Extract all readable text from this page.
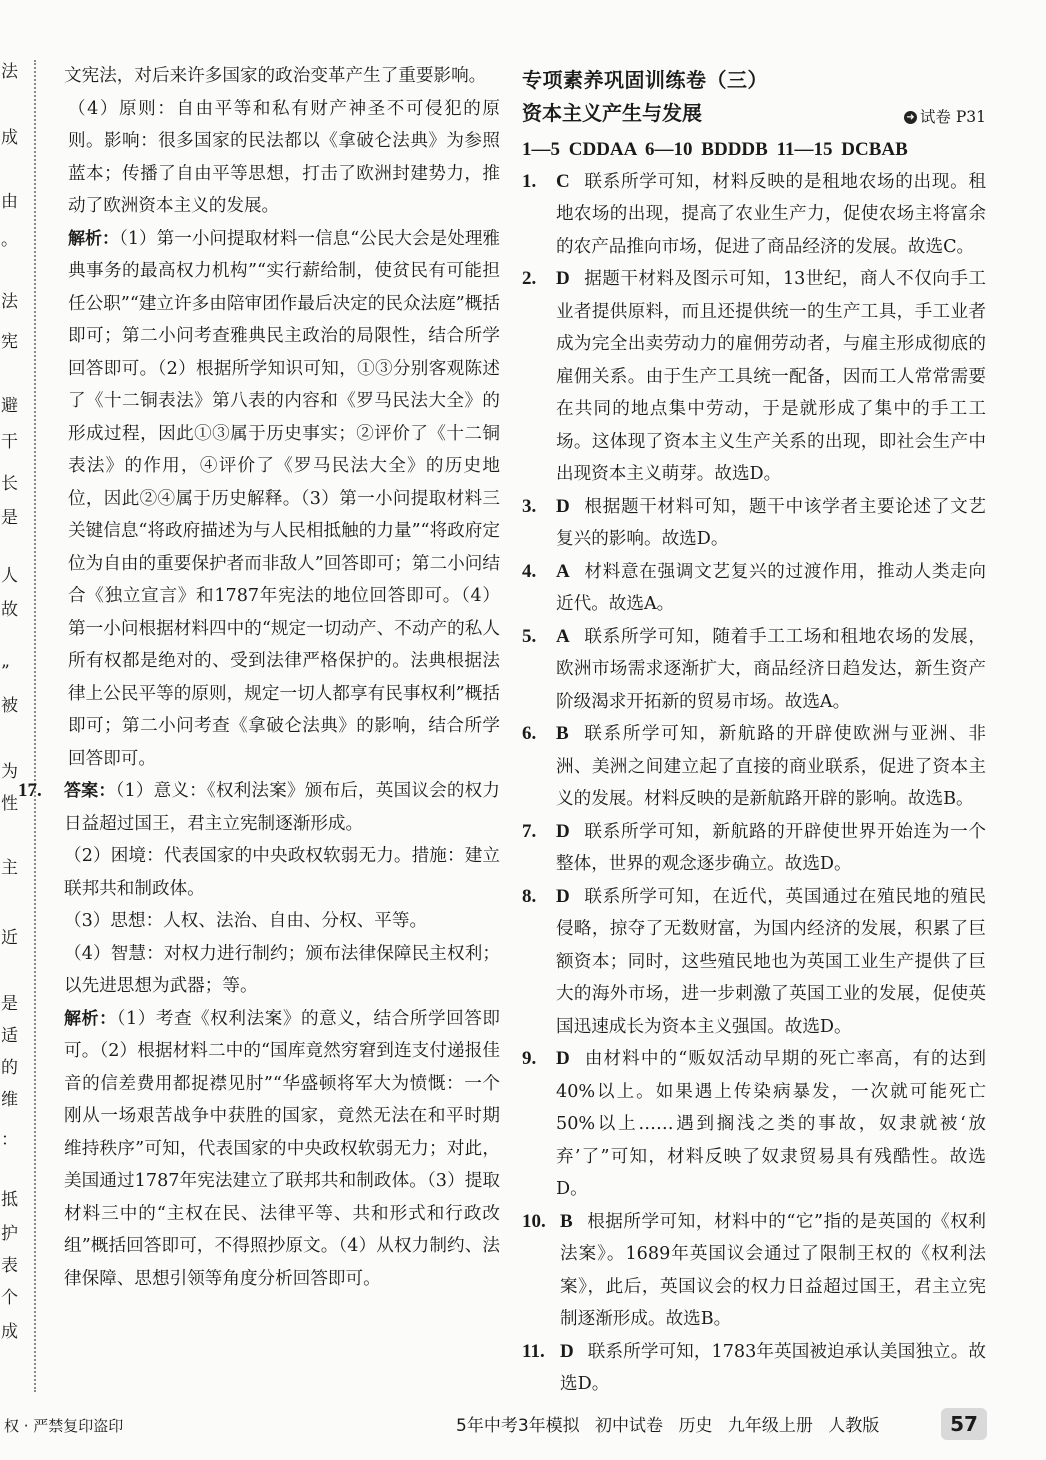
法
成
由
。
法
宪
避
干
长
是
人
故
”
被
为
性
主
近
是
适
的
维
：
抵
护
表
个
成

文宪法，对后来许多国家的政治变革产生了重要影响。

（4）原则：自由平等和私有财产神圣不可侵犯的原则。影响：很多国家的民法都以《拿破仑法典》为参照蓝本；传播了自由平等思想，打击了欧洲封建势力，推动了欧洲资本主义的发展。

解析：（1）第一小问提取材料一信息“公民大会是处理雅典事务的最高权力机构”“实行薪给制，使贫民有可能担任公职”“建立许多由陪审团作最后决定的民众法庭”概括即可；第二小问考查雅典民主政治的局限性，结合所学回答即可。（2）根据所学知识可知，①③分别客观陈述了《十二铜表法》第八表的内容和《罗马民法大全》的形成过程，因此①③属于历史事实；②评价了《十二铜表法》的作用，④评价了《罗马民法大全》的历史地位，因此②④属于历史解释。（3）第一小问提取材料三关键信息“将政府描述为与人民相抵触的力量”“将政府定位为自由的重要保护者而非敌人”回答即可；第二小问结合《独立宣言》和1787年宪法的地位回答即可。（4）第一小问根据材料四中的“规定一切动产、不动产的私人所有权都是绝对的、受到法律严格保护的。法典根据法律上公民平等的原则，规定一切人都享有民事权利”概括即可；第二小问考查《拿破仑法典》的影响，结合所学回答即可。

17.	答案：（1）意义：《权利法案》颁布后，英国议会的权力日益超过国王，君主立宪制逐渐形成。

（2）困境：代表国家的中央政权软弱无力。措施：建立联邦共和制政体。

（3）思想：人权、法治、自由、分权、平等。

（4）智慧：对权力进行制约；颁布法律保障民主权利；以先进思想为武器；等。

解析：（1）考查《权利法案》的意义，结合所学回答即可。（2）根据材料二中的“国库竟然穷窘到连支付递报佳音的信差费用都捉襟见肘”“华盛顿将军大为愤慨：一个刚从一场艰苦战争中获胜的国家，竟然无法在和平时期维持秩序”可知，代表国家的中央政权软弱无力；对此，美国通过1787年宪法建立了联邦共和制政体。（3）提取材料三中的“主权在民、法律平等、共和形式和行政改组”概括回答即可，不得照抄原文。（4）从权力制约、法律保障、思想引领等角度分析回答即可。

专项素养巩固训练卷（三）
资本主义产生与发展	➜ 试卷 P31
1—5 CDDAA 6—10 BDDDB 11—15 DCBAB
1.	C 联系所学可知，材料反映的是租地农场的出现。租地农场的出现，提高了农业生产力，促使农场主将富余的农产品推向市场，促进了商品经济的发展。故选C。

2.	D 据题干材料及图示可知，13世纪，商人不仅向手工业者提供原料，而且还提供统一的生产工具，手工业者成为完全出卖劳动力的雇佣劳动者，与雇主形成彻底的雇佣关系。由于生产工具统一配备，因而工人常常需要在共同的地点集中劳动，于是就形成了集中的手工工场。这体现了资本主义生产关系的出现，即社会生产中出现资本主义萌芽。故选D。

3.	D 根据题干材料可知，题干中该学者主要论述了文艺复兴的影响。故选D。

4.	A 材料意在强调文艺复兴的过渡作用，推动人类走向近代。故选A。

5.	A 联系所学可知，随着手工工场和租地农场的发展，欧洲市场需求逐渐扩大，商品经济日趋发达，新生资产阶级渴求开拓新的贸易市场。故选A。

6.	B 联系所学可知，新航路的开辟使欧洲与亚洲、非洲、美洲之间建立起了直接的商业联系，促进了资本主义的发展。材料反映的是新航路开辟的影响。故选B。

7.	D 联系所学可知，新航路的开辟使世界开始连为一个整体，世界的观念逐步确立。故选D。

8.	D 联系所学可知，在近代，英国通过在殖民地的殖民侵略，掠夺了无数财富，为国内经济的发展，积累了巨额资本；同时，这些殖民地也为英国工业生产提供了巨大的海外市场，进一步刺激了英国工业的发展，促使英国迅速成长为资本主义强国。故选D。

9.	D 由材料中的“贩奴活动早期的死亡率高，有的达到40%以上。如果遇上传染病暴发，一次就可能死亡50%以上……遇到搁浅之类的事故，奴隶就被‘放弃’了”可知，材料反映了奴隶贸易具有残酷性。故选D。

10. B 根据所学可知，材料中的“它”指的是英国的《权利法案》。1689年英国议会通过了限制王权的《权利法案》，此后，英国议会的权力日益超过国王，君主立宪制逐渐形成。故选B。

11. D 联系所学可知，1783年英国被迫承认美国独立。故选D。

权 · 严禁复印盗印	5年中考3年模拟 初中试卷 历史 九年级上册 人教版	57
